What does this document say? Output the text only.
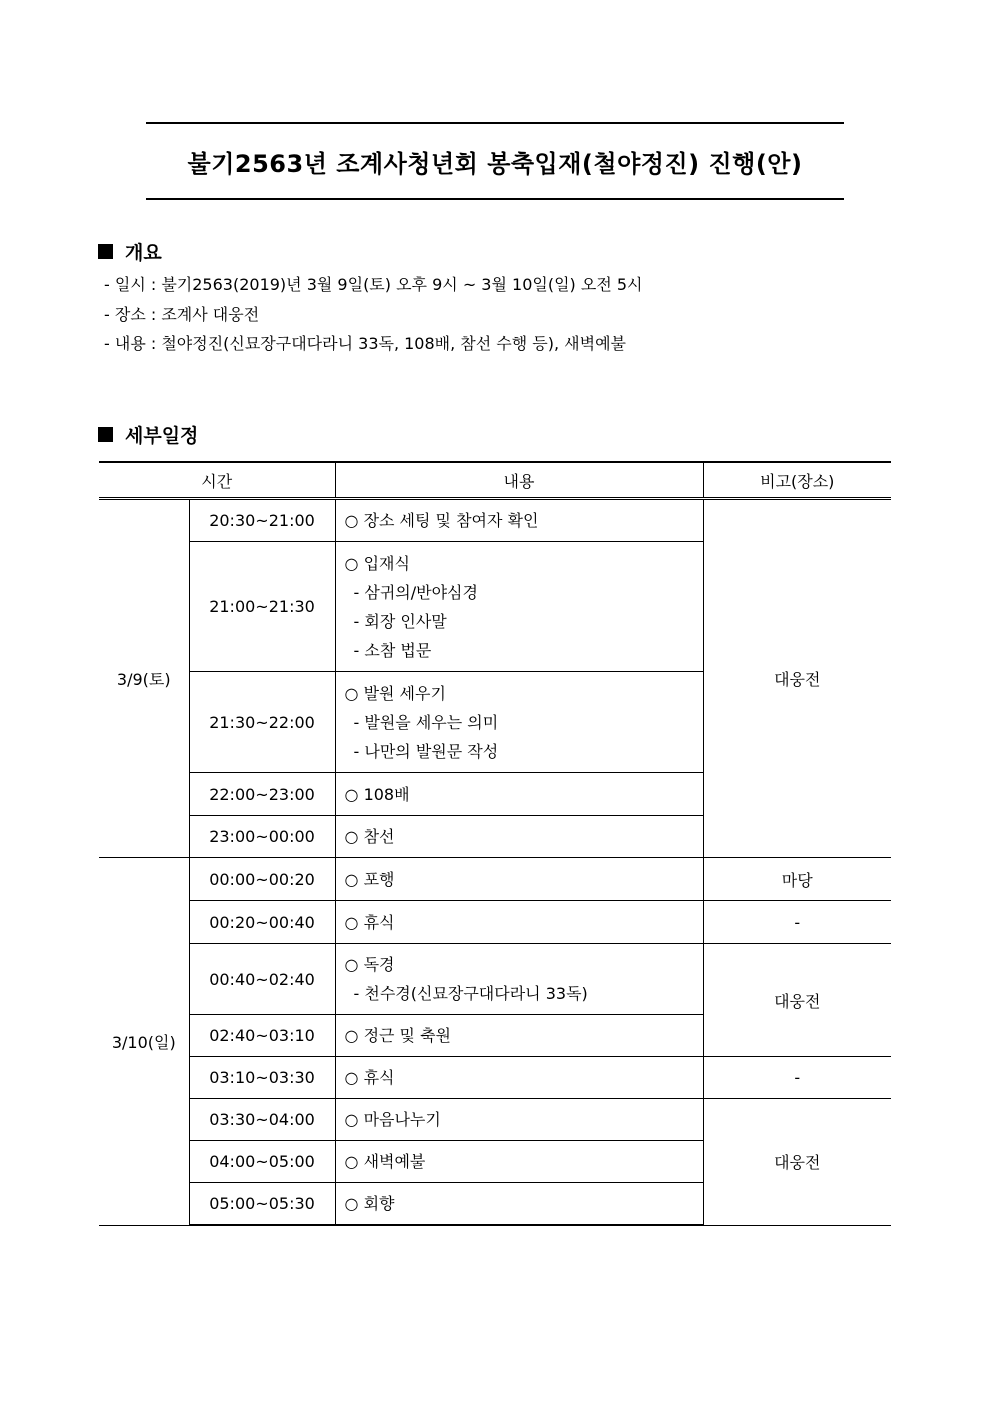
불기2563년 조계사청년회 봉축입재(철야정진) 진행(안)
개요
- 일시 : 불기2563(2019)년 3월 9일(토) 오후 9시 ~ 3월 10일(일) 오전 5시
- 장소 : 조계사 대웅전
- 내용 : 철야정진(신묘장구대다라니 33독, 108배, 참선 수행 등), 새벽예불
세부일정
시간		내용	비고(장소)
3/9(토)	20:30~21:00	○ 장소 세팅 및 참여자 확인	대웅전
	21:00~21:30	○ 입재식
- 삼귀의/반야심경
- 회장 인사말
- 소참 법문	

	21:30~22:00	○ 발원 세우기
- 발원을 세우는 의미
- 나만의 발원문 작성	

	22:00~23:00	○ 108배	

	23:00~00:00	○ 참선	

3/10(일)	00:00~00:20	○ 포행	마당
	00:20~00:40	○ 휴식	-
	00:40~02:40	○ 독경
- 천수경(신묘장구대다라니 33독)	대웅전
	02:40~03:10	○ 정근 및 축원	

	03:10~03:30	○ 휴식	-
	03:30~04:00	○ 마음나누기	대웅전
	04:00~05:00	○ 새벽예불	

	05:00~05:30	○ 회향	
